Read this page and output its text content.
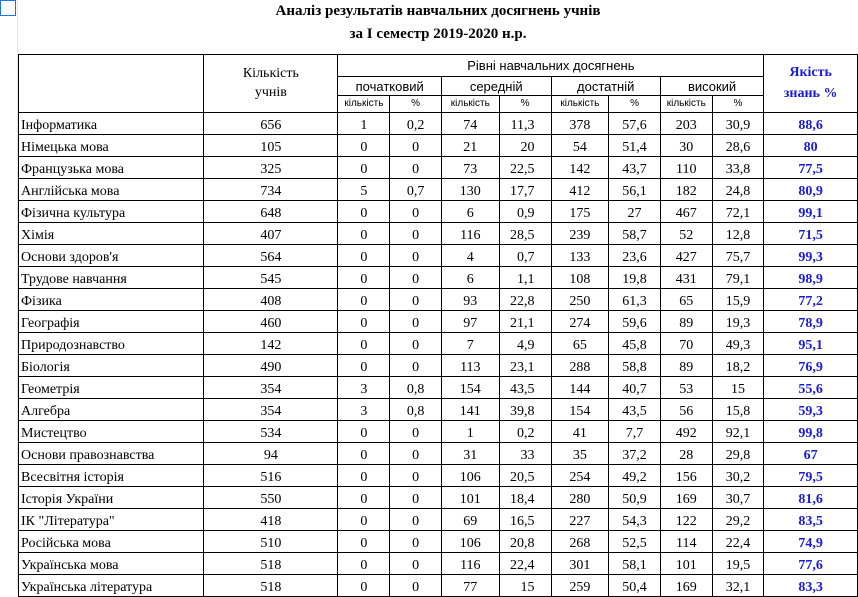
Аналіз результатів навчальних досягнень учнів										
за І семестр 2019-2020 н.р.										

	Кількість учнів	Рівні навчальних досягнень								Якість знань %
		початковий		середній		достатній		високий		
		кількість	%	кількість	%	кількість	%	кількість	%	
Інформатика	656	1	0,2	74	11,3	378	57,6	203	30,9	88,6
Німецька мова	105	0	0	21	20	54	51,4	30	28,6	80
Французька мова	325	0	0	73	22,5	142	43,7	110	33,8	77,5
Англійська мова	734	5	0,7	130	17,7	412	56,1	182	24,8	80,9
Фізична культура	648	0	0	6	0,9	175	27	467	72,1	99,1
Хімія	407	0	0	116	28,5	239	58,7	52	12,8	71,5
Основи здоров'я	564	0	0	4	0,7	133	23,6	427	75,7	99,3
Трудове навчання	545	0	0	6	1,1	108	19,8	431	79,1	98,9
Фізика	408	0	0	93	22,8	250	61,3	65	15,9	77,2
Географія	460	0	0	97	21,1	274	59,6	89	19,3	78,9
Природознавство	142	0	0	7	4,9	65	45,8	70	49,3	95,1
Біологія	490	0	0	113	23,1	288	58,8	89	18,2	76,9
Геометрія	354	3	0,8	154	43,5	144	40,7	53	15	55,6
Алгебра	354	3	0,8	141	39,8	154	43,5	56	15,8	59,3
Мистецтво	534	0	0	1	0,2	41	7,7	492	92,1	99,8
Основи правознавства	94	0	0	31	33	35	37,2	28	29,8	67
Всесвітня історія	516	0	0	106	20,5	254	49,2	156	30,2	79,5
Історія України	550	0	0	101	18,4	280	50,9	169	30,7	81,6
ІК "Література"	418	0	0	69	16,5	227	54,3	122	29,2	83,5
Російська мова	510	0	0	106	20,8	268	52,5	114	22,4	74,9
Українська мова	518	0	0	116	22,4	301	58,1	101	19,5	77,6
Українська література	518	0	0	77	15	259	50,4	169	32,1	83,3
